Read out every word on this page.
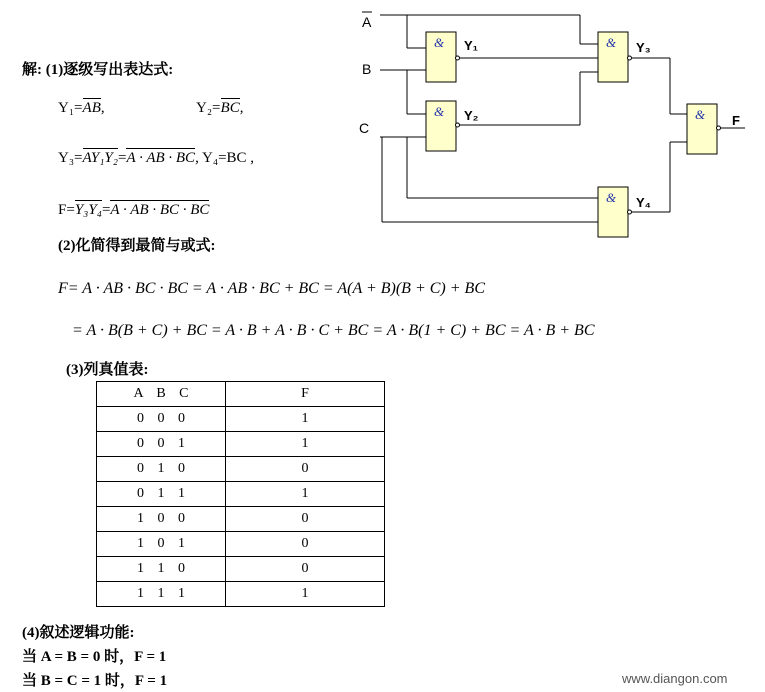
解: (1)逐级写出表达式:
Y₁=AB,	Y₂=BC,
Y₃=AY₁Y₂=A · AB · BC, Y₄=BC ,
F=Y₃Y₄=A · AB · BC · BC
(2)化简得到最简与或式:
F= A · AB · BC · BC = A · AB · BC + BC = A(A + B)(B + C) + BC
= A · B(B + C) + BC = A · B + A · B · C + BC = A · B(1 + C) + BC = A · B + BC
(3)列真值表:
A B C	F
0 0 0	1
0 0 1	1
0 1 0	0
0 1 1	1
1 0 0	0
1 0 1	0
1 1 0	0
1 1 1	1
(4)叙述逻辑功能:
当 A = B = 0 时，F = 1
当 B = C = 1 时，F = 1	www.diangon.com
&
&
&
&
&
A
B
C
Y₁
Y₂
Y₃
Y₄
F
